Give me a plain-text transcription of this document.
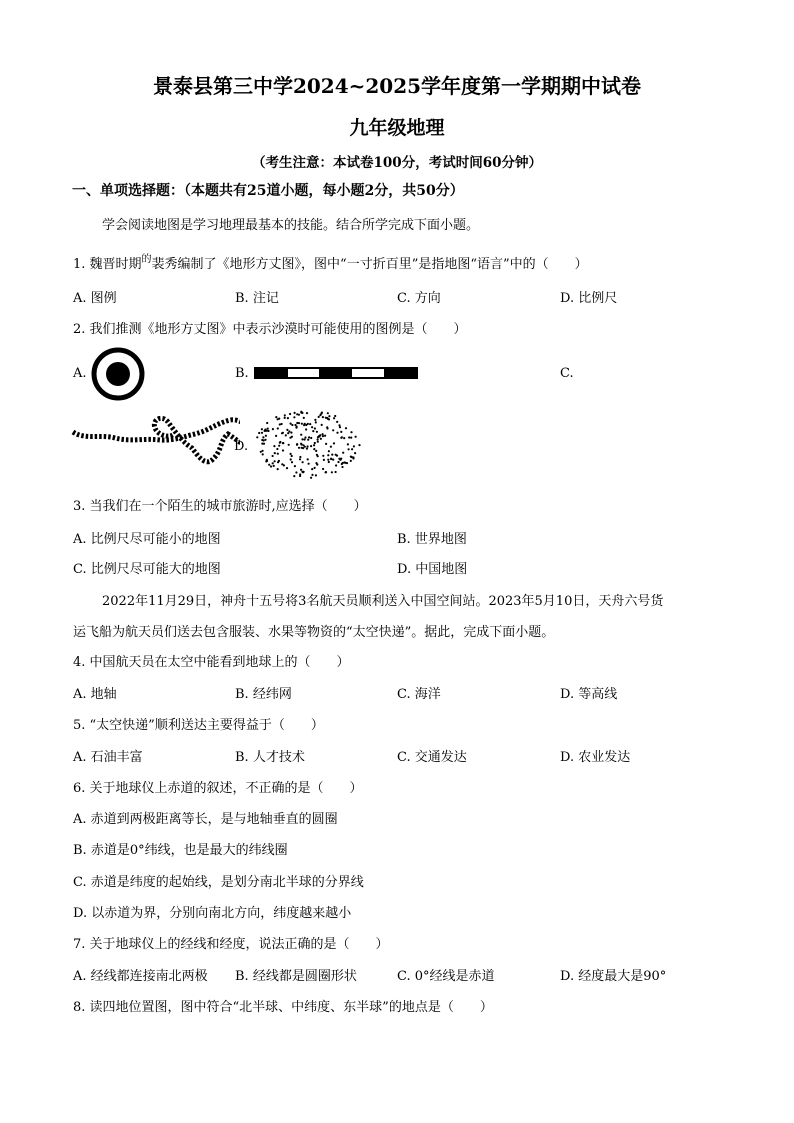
景泰县第三中学2024~2025学年度第一学期期中试卷
九年级地理
（考生注意：本试卷100分，考试时间60分钟）
一、单项选择题：（本题共有25道小题，每小题2分，共50分）
学会阅读地图是学习地理最基本的技能。结合所学完成下面小题。
1. 魏晋时期$^的$裴秀编制了《地形方丈图》，图中“一寸折百里”是指地图“语言”中的（　　）
A. 图例	B. 注记	C. 方向	D. 比例尺
2. 我们推测《地形方丈图》中表示沙漠时可能使用的图例是（　　）
A.	B.	C.
D.
3. 当我们在一个陌生的城市旅游时,应选择（　　）
A. 比例尺尽可能小的地图	B. 世界地图
C. 比例尺尽可能大的地图	D. 中国地图
2022年11月29日，神舟十五号将3名航天员顺利送入中国空间站。2023年5月10日，天舟六号货
运飞船为航天员们送去包含服装、水果等物资的“太空快递”。据此，完成下面小题。
4. 中国航天员在太空中能看到地球上的（　　）
A. 地轴	B. 经纬网	C. 海洋	D. 等高线
5. “太空快递”顺利送达主要得益于（　　）
A. 石油丰富	B. 人才技术	C. 交通发达	D. 农业发达
6. 关于地球仪上赤道的叙述，不正确的是（　　）
A. 赤道到两极距离等长，是与地轴垂直的圆圈
B. 赤道是0°纬线，也是最大的纬线圈
C. 赤道是纬度的起始线，是划分南北半球的分界线
D. 以赤道为界，分别向南北方向，纬度越来越小
7. 关于地球仪上的经线和经度，说法正确的是（　　）
A. 经线都连接南北两极 B. 经线都是圆圈形状	C. 0°经线是赤道	D. 经度最大是90°
8. 读四地位置图，图中符合“北半球、中纬度、东半球”的地点是（　　）
